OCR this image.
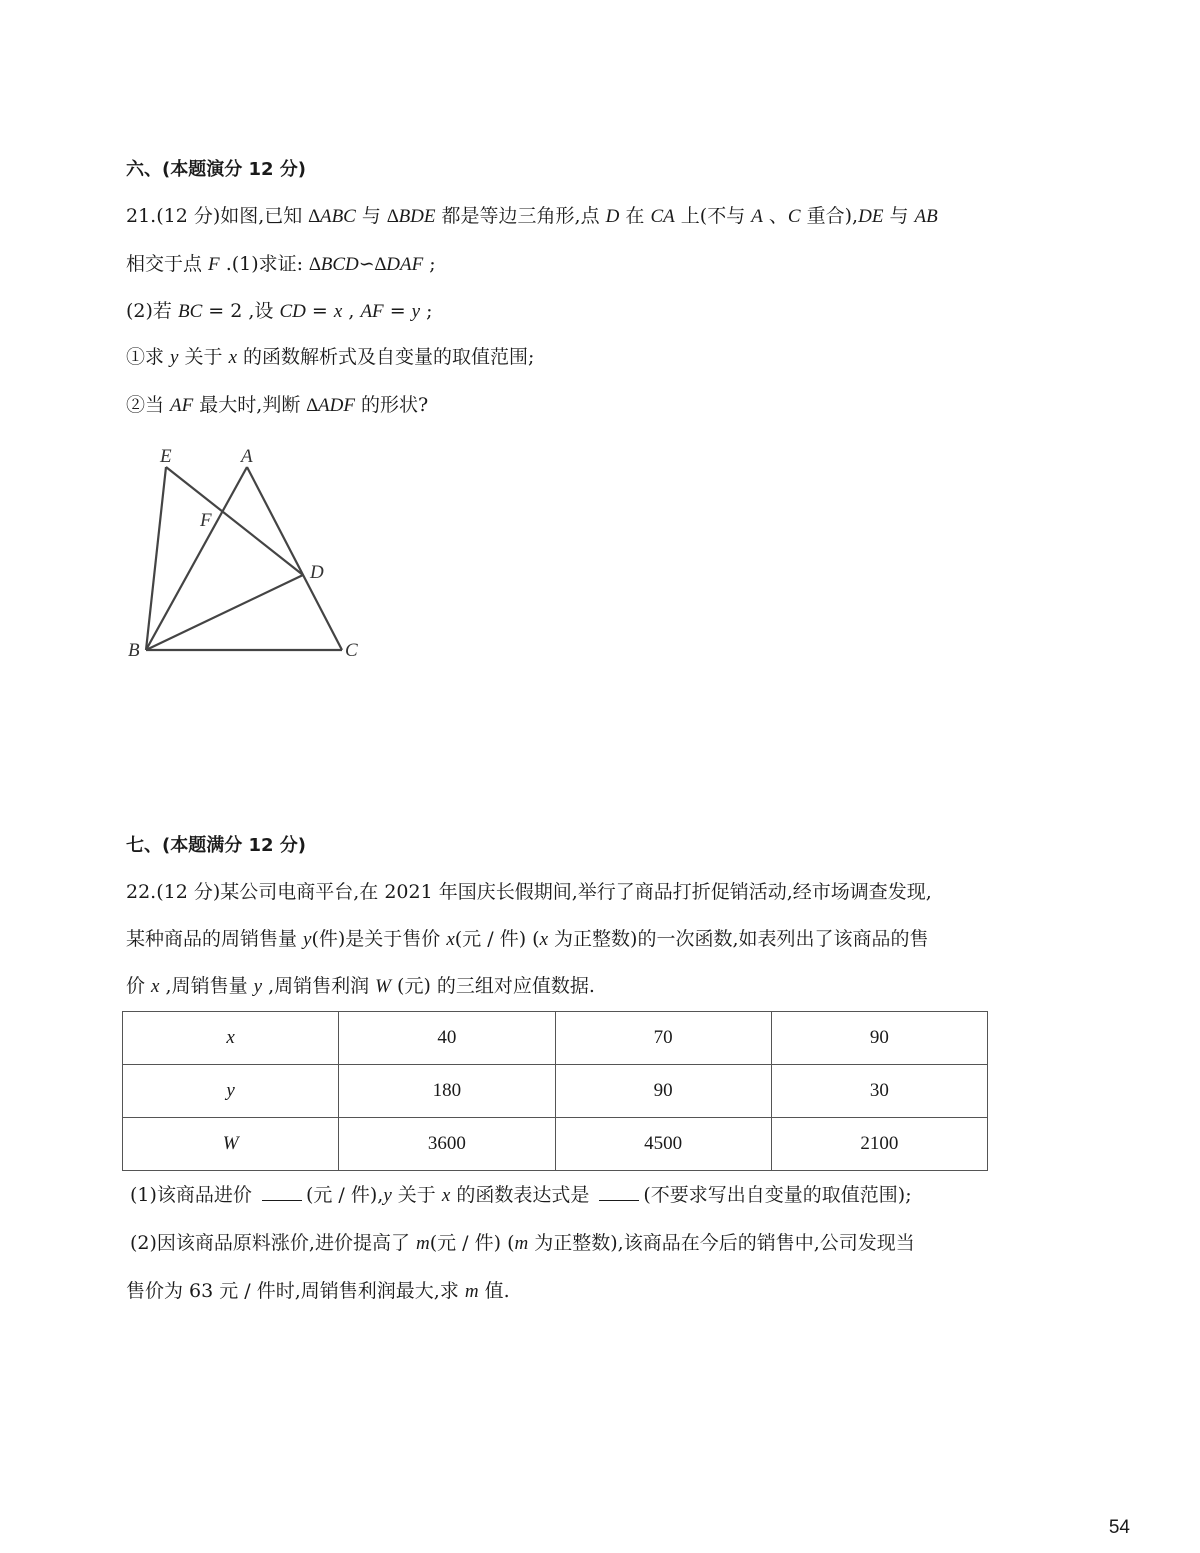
六、(本题演分 12 分)
21.(12 分)如图,已知 ∆ABC 与 ∆BDE 都是等边三角形,点 D 在 CA 上(不与 A 、C 重合),DE 与 AB
相交于点 F .(1)求证: ∆BCD∽∆DAF ;
(2)若 BC = 2 ,设 CD = x , AF = y ;
①求 y 关于 x 的函数解析式及自变量的取值范围;
②当 AF 最大时,判断 ∆ADF 的形状?
E	A
F
D
B	C
七、(本题满分 12 分)
22.(12 分)某公司电商平台,在 2021 年国庆长假期间,举行了商品打折促销活动,经市场调查发现,
某种商品的周销售量 y(件)是关于售价 x(元 / 件) (x 为正整数)的一次函数,如表列出了该商品的售
价 x ,周销售量 y ,周销售利润 W (元) 的三组对应值数据.
x	40	70	90
y	180	90	30
W	3600	4500	2100
(1)该商品进价	(元 / 件),y 关于 x 的函数表达式是	(不要求写出自变量的取值范围);
(2)因该商品原料涨价,进价提高了 m(元 / 件) (m 为正整数),该商品在今后的销售中,公司发现当
售价为 63 元 / 件时,周销售利润最大,求 m 值.
54
